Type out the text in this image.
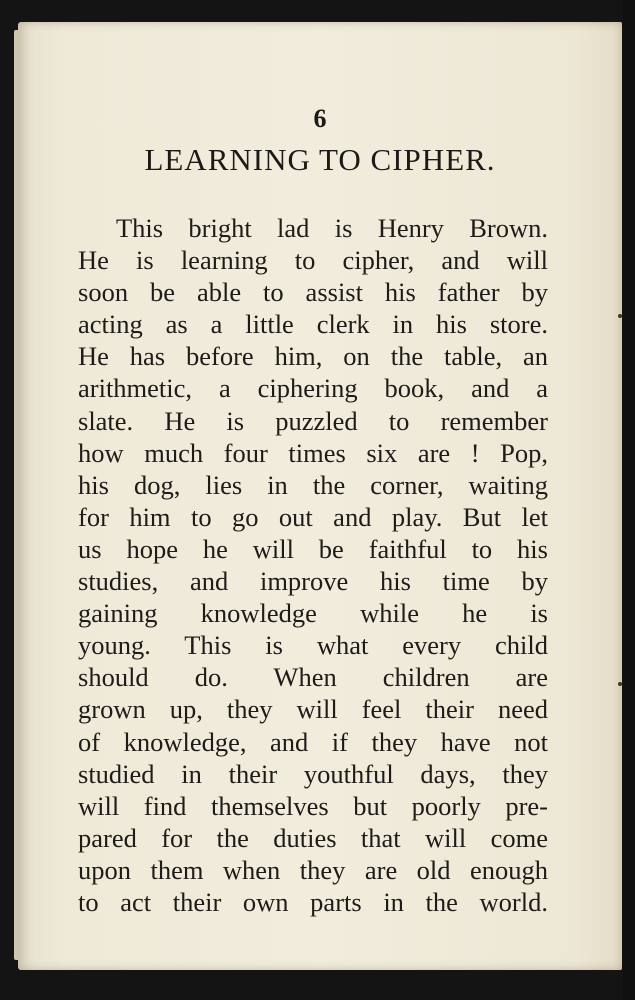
6
LEARNING TO CIPHER.
This bright lad is Henry Brown.
He is learning to cipher, and will
soon be able to assist his father by
acting as a little clerk in his store.
He has before him, on the table, an
arithmetic, a ciphering book, and a
slate. He is puzzled to remember
how much four times six are ! Pop,
his dog, lies in the corner, waiting
for him to go out and play. But let
us hope he will be faithful to his
studies, and improve his time by
gaining knowledge while he is
young. This is what every child
should do. When children are
grown up, they will feel their need
of knowledge, and if they have not
studied in their youthful days, they
will find themselves but poorly pre-
pared for the duties that will come
upon them when they are old enough
to act their own parts in the world.
